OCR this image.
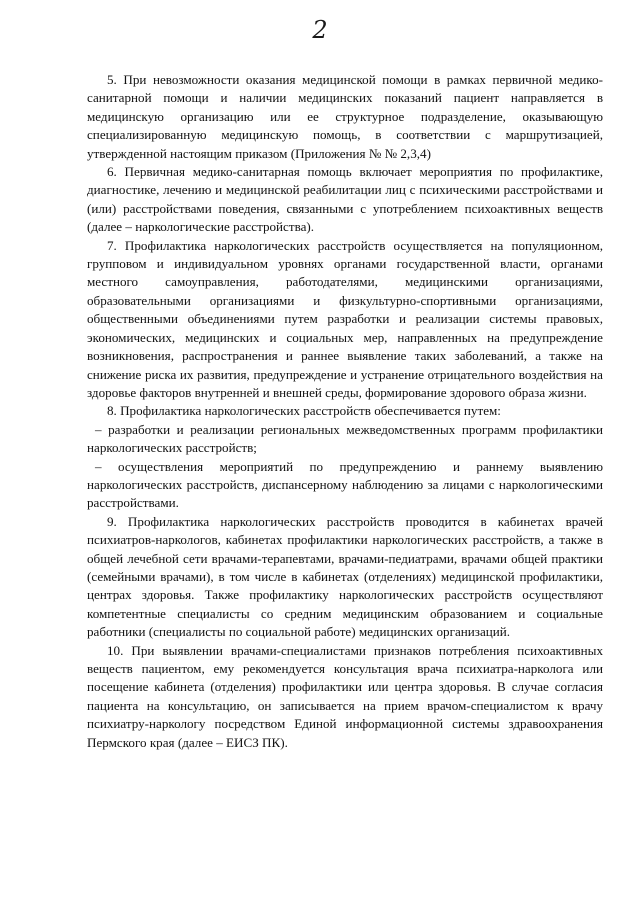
2

5. При невозможности оказания медицинской помощи в рамках первичной медико-санитарной помощи и наличии медицинских показаний пациент направляется в медицинскую организацию или ее структурное подразделение, оказывающую специализированную медицинскую помощь, в соответствии с маршрутизацией, утвержденной настоящим приказом (Приложения № № 2,3,4)

6. Первичная медико-санитарная помощь включает мероприятия по профилактике, диагностике, лечению и медицинской реабилитации лиц с психическими расстройствами и (или) расстройствами поведения, связанными с употреблением психоактивных веществ (далее – наркологические расстройства).

7. Профилактика наркологических расстройств осуществляется на популяционном, групповом и индивидуальном уровнях органами государственной власти, органами местного самоуправления, работодателями, медицинскими организациями, образовательными организациями и физкультурно-спортивными организациями, общественными объединениями путем разработки и реализации системы правовых, экономических, медицинских и социальных мер, направленных на предупреждение возникновения, распространения и раннее выявление таких заболеваний, а также на снижение риска их развития, предупреждение и устранение отрицательного воздействия на здоровье факторов внутренней и внешней среды, формирование здорового образа жизни.

8. Профилактика наркологических расстройств обеспечивается путем:

– разработки и реализации региональных межведомственных программ профилактики наркологических расстройств;

– осуществления мероприятий по предупреждению и раннему выявлению наркологических расстройств, диспансерному наблюдению за лицами с наркологическими расстройствами.

9. Профилактика наркологических расстройств проводится в кабинетах врачей психиатров-наркологов, кабинетах профилактики наркологических расстройств, а также в общей лечебной сети врачами-терапевтами, врачами-педиатрами, врачами общей практики (семейными врачами), в том числе в кабинетах (отделениях) медицинской профилактики, центрах здоровья. Также профилактику наркологических расстройств осуществляют компетентные специалисты со средним медицинским образованием и социальные работники (специалисты по социальной работе) медицинских организаций.

10. При выявлении врачами-специалистами признаков потребления психоактивных веществ пациентом, ему рекомендуется консультация врача психиатра-нарколога или посещение кабинета (отделения) профилактики или центра здоровья. В случае согласия пациента на консультацию, он записывается на прием врачом-специалистом к врачу психиатру-наркологу посредством Единой информационной системы здравоохранения Пермского края (далее – ЕИСЗ ПК).
